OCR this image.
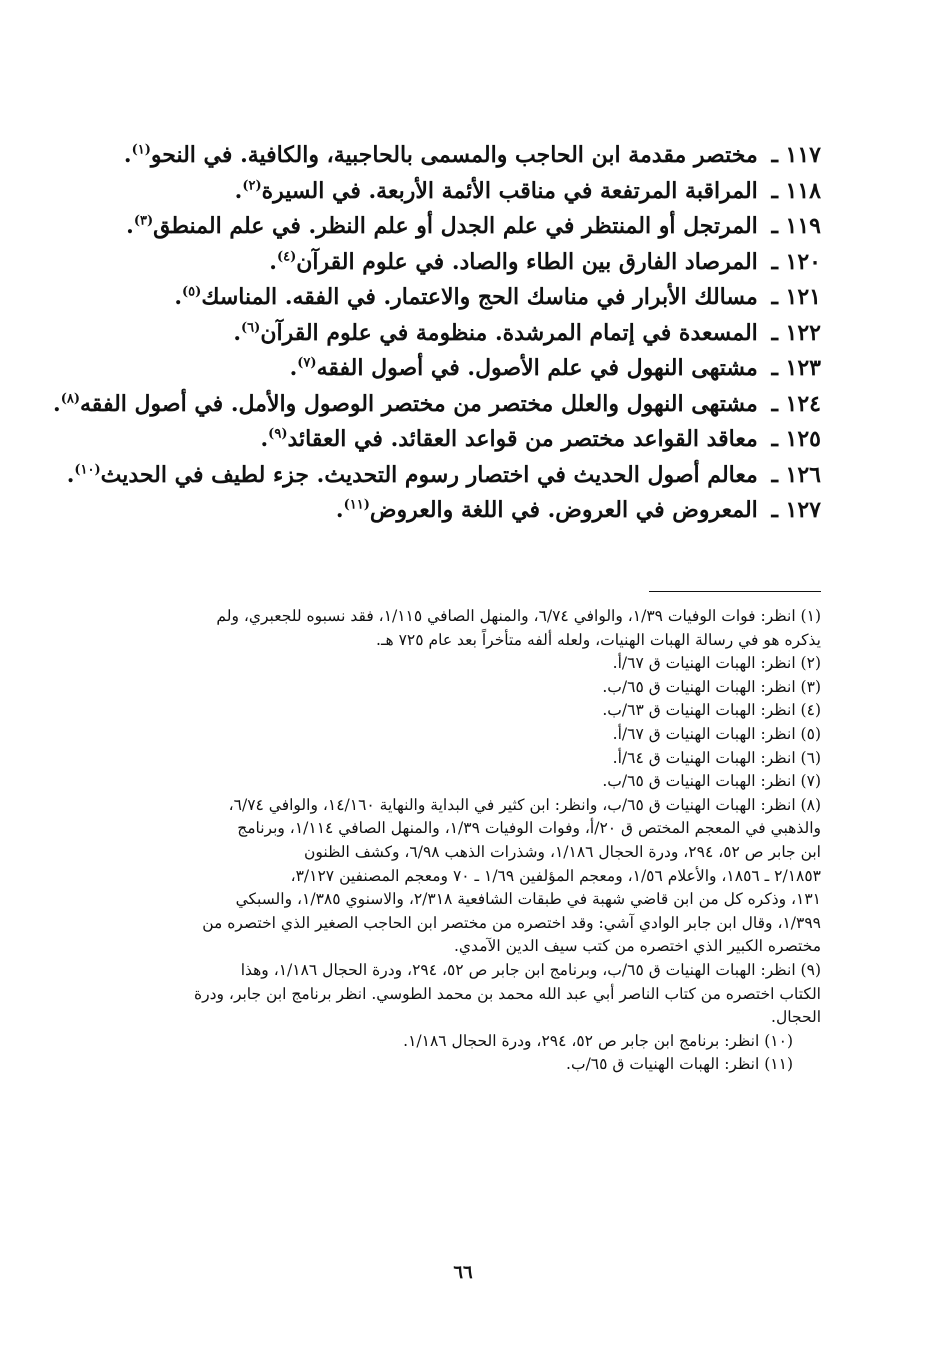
١١٧ ـ مختصر مقدمة ابن الحاجب والمسمى بالحاجبية، والكافية. في النحو$^{(١)}$.
١١٨ ـ المراقبة المرتفعة في مناقب الأئمة الأربعة. في السيرة$^{(٢)}$.
١١٩ ـ المرتجل أو المنتظر في علم الجدل أو علم النظر. في علم المنطق$^{(٣)}$.
١٢٠ ـ المرصاد الفارق بين الطاء والصاد. في علوم القرآن$^{(٤)}$.
١٢١ ـ مسالك الأبرار في مناسك الحج والاعتمار. في الفقه. المناسك$^{(٥)}$.
١٢٢ ـ المسعدة في إتمام المرشدة. منظومة في علوم القرآن$^{(٦)}$.
١٢٣ ـ مشتهى النهول في علم الأصول. في أصول الفقه$^{(٧)}$.
١٢٤ ـ مشتهى النهول والعلل مختصر من مختصر الوصول والأمل. في أصول الفقه$^{(٨)}$.
١٢٥ ـ معاقد القواعد مختصر من قواعد العقائد. في العقائد$^{(٩)}$.
١٢٦ ـ معالم أصول الحديث في اختصار رسوم التحديث. جزء لطيف في الحديث$^{(١٠)}$.
١٢٧ ـ المعروض في العروض. في اللغة والعروض$^{(١١)}$.
(١) انظر: فوات الوفيات ١/٣٩، والوافي ٦/٧٤، والمنهل الصافي ١/١١٥، فقد نسبوه للجعبري، ولم
يذكره هو في رسالة الهبات الهنيات، ولعله ألفه متأخراً بعد عام ٧٢٥ هـ.
(٢) انظر: الهبات الهنيات ق ٦٧/أ.
(٣) انظر: الهبات الهنيات ق ٦٥/ب.
(٤) انظر: الهبات الهنيات ق ٦٣/ب.
(٥) انظر: الهبات الهنيات ق ٦٧/أ.
(٦) انظر: الهبات الهنيات ق ٦٤/أ.
(٧) انظر: الهبات الهنيات ق ٦٥/ب.
(٨) انظر: الهبات الهنيات ق ٦٥/ب، وانظر: ابن كثير في البداية والنهاية ١٤/١٦٠، والوافي ٦/٧٤،
والذهبي في المعجم المختص ق ٢٠/أ، وفوات الوفيات ١/٣٩، والمنهل الصافي ١/١١٤، وبرنامج
ابن جابر ص ٥٢، ٢٩٤، ودرة الحجال ١/١٨٦، وشذرات الذهب ٦/٩٨، وكشف الظنون
٢/١٨٥٣ ـ ١٨٥٦، والأعلام ١/٥٦، ومعجم المؤلفين ١/٦٩ ـ ٧٠ ومعجم المصنفين ٣/١٢٧،
١٣١، وذكره كل من ابن قاضي شهبة في طبقات الشافعية ٢/٣١٨، والاسنوي ١/٣٨٥، والسبكي
١/٣٩٩، وقال ابن جابر الوادي آشي: وقد اختصره من مختصر ابن الحاجب الصغير الذي اختصره من
مختصره الكبير الذي اختصره من كتب سيف الدين الآمدي.
(٩) انظر: الهبات الهنيات ق ٦٥/ب، وبرنامج ابن جابر ص ٥٢، ٢٩٤، ودرة الحجال ١/١٨٦، وهذا
الكتاب اختصره من كتاب الناصر أبي عبد الله محمد بن محمد الطوسي. انظر برنامج ابن جابر، ودرة
الحجال.
(١٠) انظر: برنامج ابن جابر ص ٥٢، ٢٩٤، ودرة الحجال ١/١٨٦.
(١١) انظر: الهبات الهنيات ق ٦٥/ب.
٦٦
